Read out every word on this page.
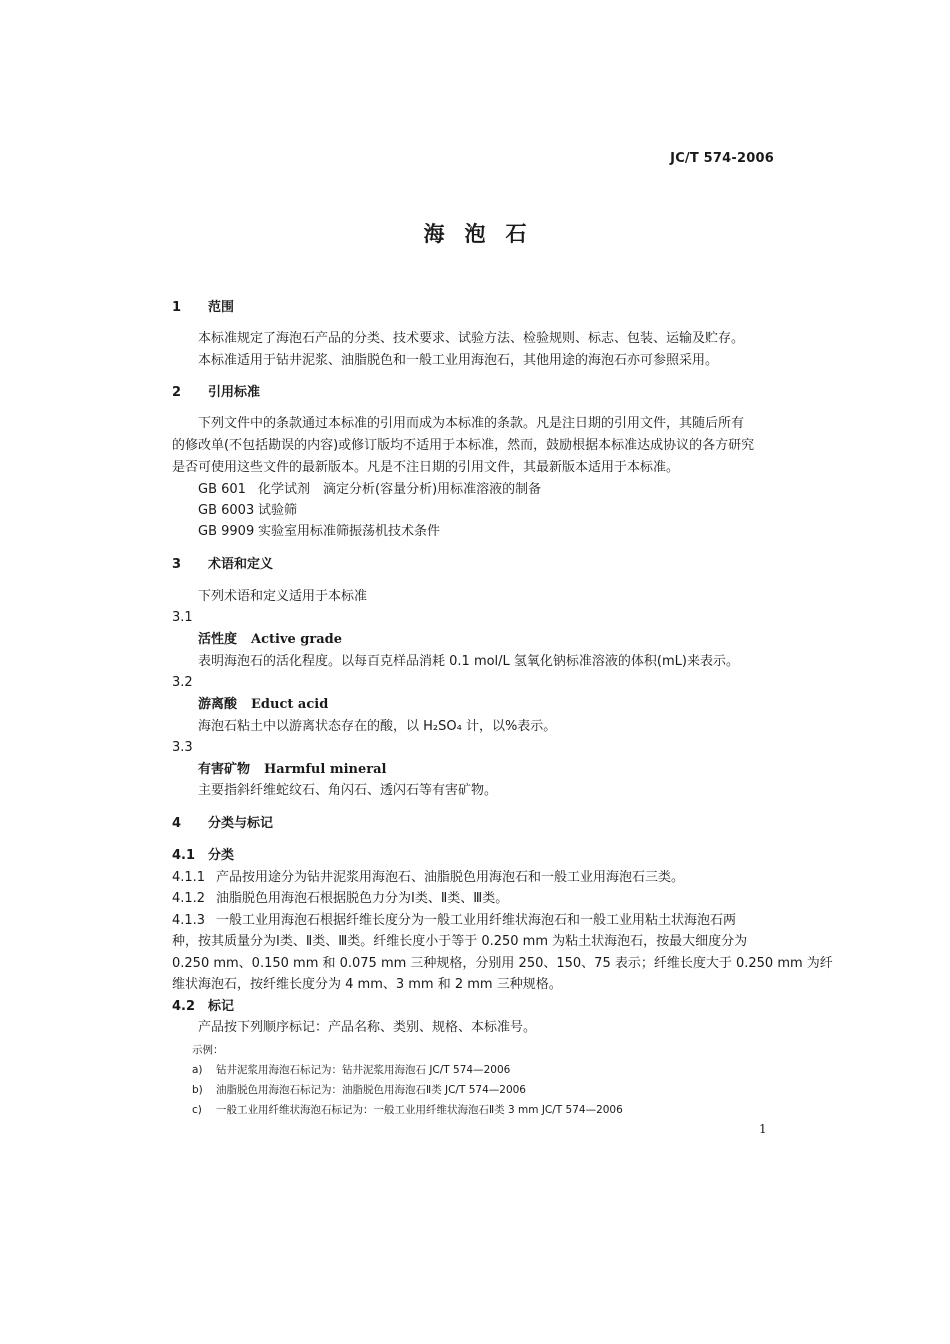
JC/T 574-2006
海泡石
1 范围
本标准规定了海泡石产品的分类、技术要求、试验方法、检验规则、标志、包装、运输及贮存。
本标准适用于钻井泥浆、油脂脱色和一般工业用海泡石，其他用途的海泡石亦可参照采用。
2 引用标准
下列文件中的条款通过本标准的引用而成为本标准的条款。凡是注日期的引用文件，其随后所有
的修改单(不包括勘误的内容)或修订版均不适用于本标准，然而，鼓励根据本标准达成协议的各方研究
是否可使用这些文件的最新版本。凡是不注日期的引用文件，其最新版本适用于本标准。
GB 601 化学试剂　滴定分析(容量分析)用标准溶液的制备
GB 6003 试验筛
GB 9909 实验室用标准筛振荡机技术条件
3 术语和定义
下列术语和定义适用于本标准
3.1
活性度 Active grade
表明海泡石的活化程度。以每百克样品消耗 0.1 mol/L 氢氧化钠标准溶液的体积(mL)来表示。
3.2
游离酸 Educt acid
海泡石粘土中以游离状态存在的酸，以 H₂SO₄ 计，以%表示。
3.3
有害矿物 Harmful mineral
主要指斜纤维蛇纹石、角闪石、透闪石等有害矿物。
4 分类与标记
4.1 分类
4.1.1 产品按用途分为钻井泥浆用海泡石、油脂脱色用海泡石和一般工业用海泡石三类。
4.1.2 油脂脱色用海泡石根据脱色力分为Ⅰ类、Ⅱ类、Ⅲ类。
4.1.3 一般工业用海泡石根据纤维长度分为一般工业用纤维状海泡石和一般工业用粘土状海泡石两
种，按其质量分为Ⅰ类、Ⅱ类、Ⅲ类。纤维长度小于等于 0.250 mm 为粘土状海泡石，按最大细度分为
0.250 mm、0.150 mm 和 0.075 mm 三种规格，分别用 250、150、75 表示；纤维长度大于 0.250 mm 为纤
维状海泡石，按纤维长度分为 4 mm、3 mm 和 2 mm 三种规格。
4.2 标记
产品按下列顺序标记：产品名称、类别、规格、本标准号。
示例：
a) 钻井泥浆用海泡石标记为：钻井泥浆用海泡石 JC/T 574—2006
b) 油脂脱色用海泡石标记为：油脂脱色用海泡石Ⅱ类 JC/T 574—2006
c) 一般工业用纤维状海泡石标记为：一般工业用纤维状海泡石Ⅱ类 3 mm JC/T 574—2006
1
